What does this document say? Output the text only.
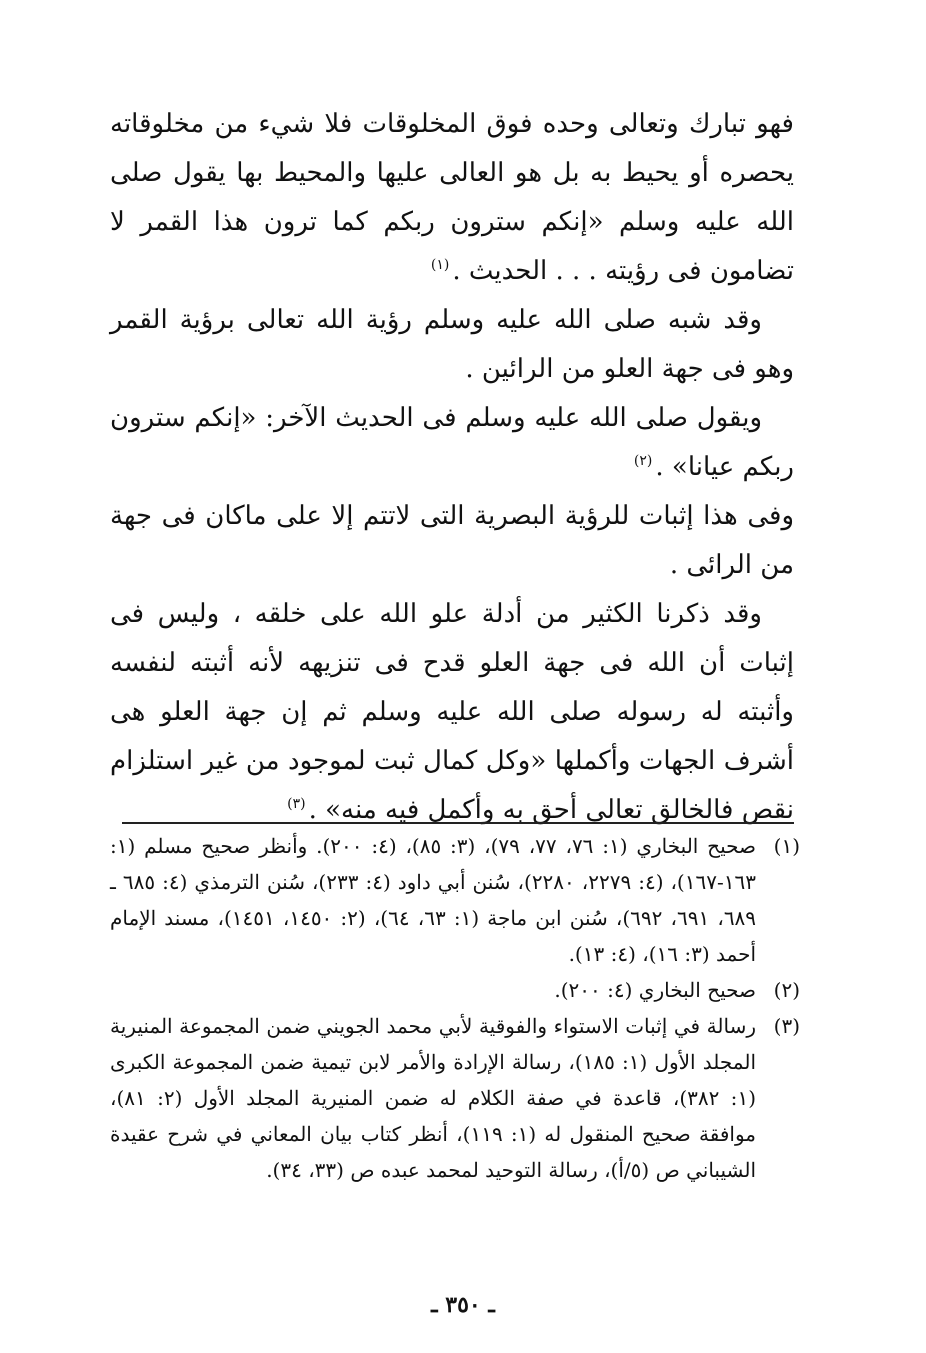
فهو تبارك وتعالى وحده فوق المخلوقات فلا شيء من مخلوقاته يحصره أو يحيط به بل هو العالى عليها والمحيط بها يقول صلى الله عليه وسلم «إنكم سترون ربكم كما ترون هذا القمر لا تضامون فى رؤيته . . . الحديث .$^{(١)}$

وقد شبه صلى الله عليه وسلم رؤية الله تعالى برؤية القمر وهو فى جهة العلو من الرائين .

ويقول صلى الله عليه وسلم فى الحديث الآخر: «إنكم سترون ربكم عيانا» .$^{(٢)}$

وفى هذا إثبات للرؤية البصرية التى لاتتم إلا على ماكان فى جهة من الرائى .

وقد ذكرنا الكثير من أدلة علو الله على خلقه ، وليس فى إثبات أن الله فى جهة العلو قدح فى تنزيهه لأنه أثبته لنفسه وأثبته له رسوله صلى الله عليه وسلم ثم إن جهة العلو هى أشرف الجهات وأكملها «وكل كمال ثبت لموجود من غير استلزام نقص فالخالق تعالى أحق به وأكمل فيه منه» .$^{(٣)}$

(١)
صحيح البخاري (١: ٧٦، ٧٧، ٧٩)، (٣: ٨٥)، (٤: ٢٠٠). وأنظر صحيح مسلم (١: ١٦٣-١٦٧)، (٤: ٢٢٧٩، ٢٢٨٠)، سُنن أبي داود (٤: ٢٣٣)، سُنن الترمذي (٤: ٦٨٥ ـ ٦٨٩، ٦٩١، ٦٩٢)، سُنن ابن ماجة (١: ٦٣، ٦٤)، (٢: ١٤٥٠، ١٤٥١)، مسند الإمام أحمد (٣: ١٦)، (٤: ١٣).
(٢)
صحيح البخاري (٤: ٢٠٠).
(٣)
رسالة في إثبات الاستواء والفوقية لأبي محمد الجويني ضمن المجموعة المنيرية المجلد الأول (١: ١٨٥)، رسالة الإرادة والأمر لابن تيمية ضمن المجموعة الكبرى (١: ٣٨٢)، قاعدة في صفة الكلام له ضمن المنيرية المجلد الأول (٢: ٨١)، موافقة صحيح المنقول له (١: ١١٩)، أنظر كتاب بيان المعاني في شرح عقيدة الشيباني ص (٥/أ)، رسالة التوحيد لمحمد عبده ص (٣٣، ٣٤).
ـ ٣٥٠ ـ
